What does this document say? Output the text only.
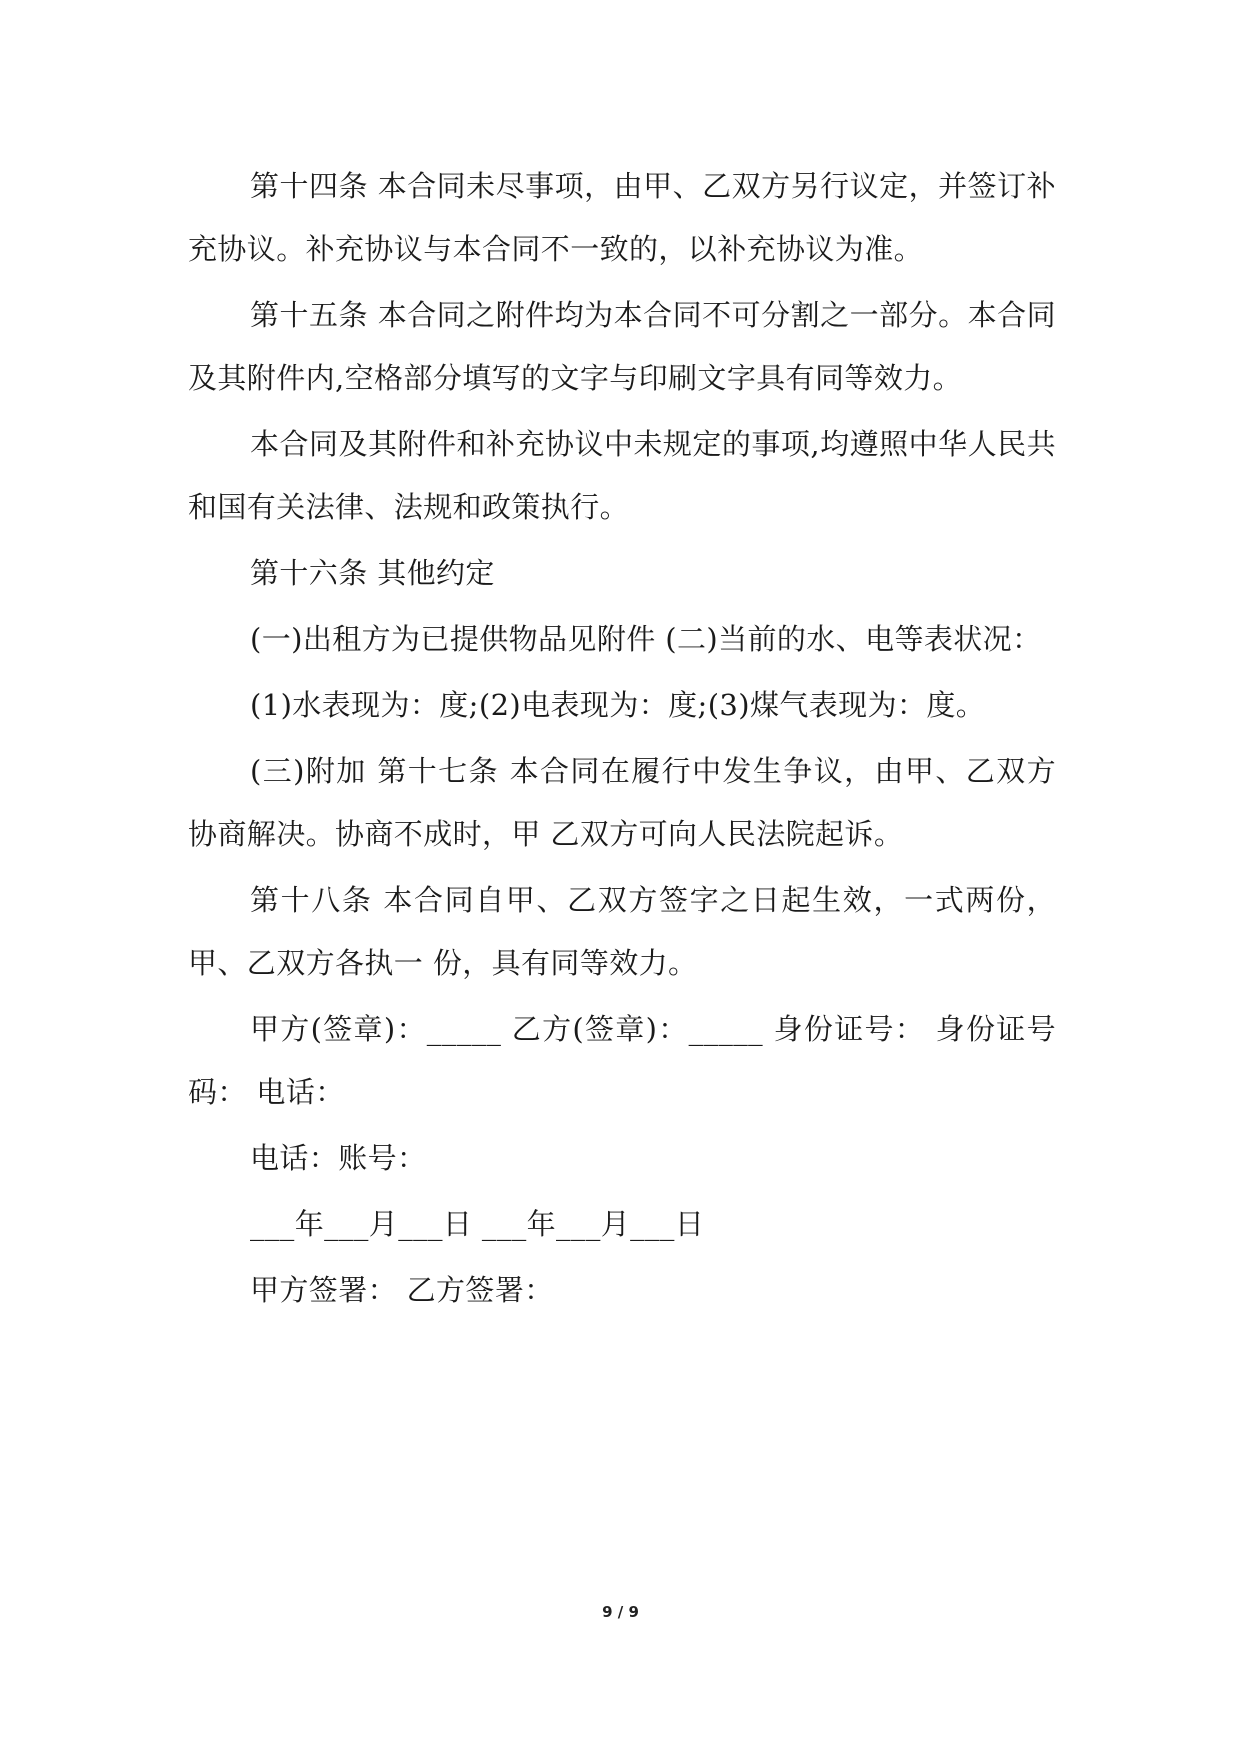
第十四条 本合同未尽事项，由甲、乙双方另行议定，并签订补充协议。补充协议与本合同不一致的，以补充协议为准。

第十五条 本合同之附件均为本合同不可分割之一部分。本合同及其附件内,空格部分填写的文字与印刷文字具有同等效力。

本合同及其附件和补充协议中未规定的事项,均遵照中华人民共和国有关法律、法规和政策执行。

第十六条 其他约定

(一)出租方为已提供物品见附件 (二)当前的水、电等表状况：

(1)水表现为：度;(2)电表现为：度;(3)煤气表现为：度。

(三)附加 第十七条 本合同在履行中发生争议，由甲、乙双方协商解决。协商不成时，甲 乙双方可向人民法院起诉。

第十八条 本合同自甲、乙双方签字之日起生效，一式两份，甲、乙双方各执一 份，具有同等效力。

甲方(签章)：_____ 乙方(签章)：_____ 身份证号： 身份证号码： 电话：

电话：账号：

___年___月___日 ___年___月___日

甲方签署： 乙方签署：

9 / 9
